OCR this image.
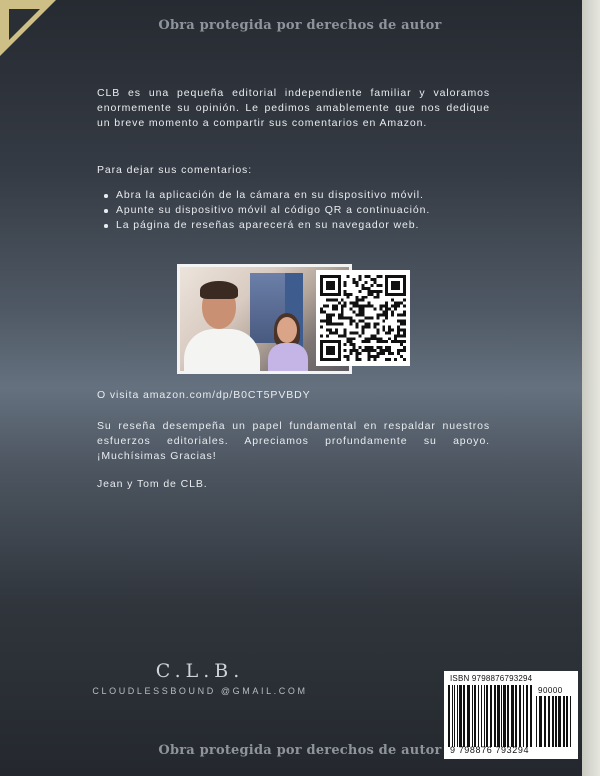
Obra protegida por derechos de autor

CLB es una pequeña editorial independiente familiar y valoramos enormemente su opinión. Le pedimos amablemente que nos dedique un breve momento a compartir sus comentarios en Amazon.

Para dejar sus comentarios:

Abra la aplicación de la cámara en su dispositivo móvil.
Apunte su dispositivo móvil al código QR a continuación.
La página de reseñas aparecerá en su navegador web.
O visita amazon.com/dp/B0CT5PVBDY

Su reseña desempeña un papel fundamental en respaldar nuestros esfuerzos editoriales. Apreciamos profundamente su apoyo. ¡Muchísimas Gracias!

Jean y Tom de CLB.
C.L.B.
CLOUDLESSBOUND @GMAIL.COM
ISBN 9798876793294
90000
9 798876 793294
Obra protegida por derechos de autor
